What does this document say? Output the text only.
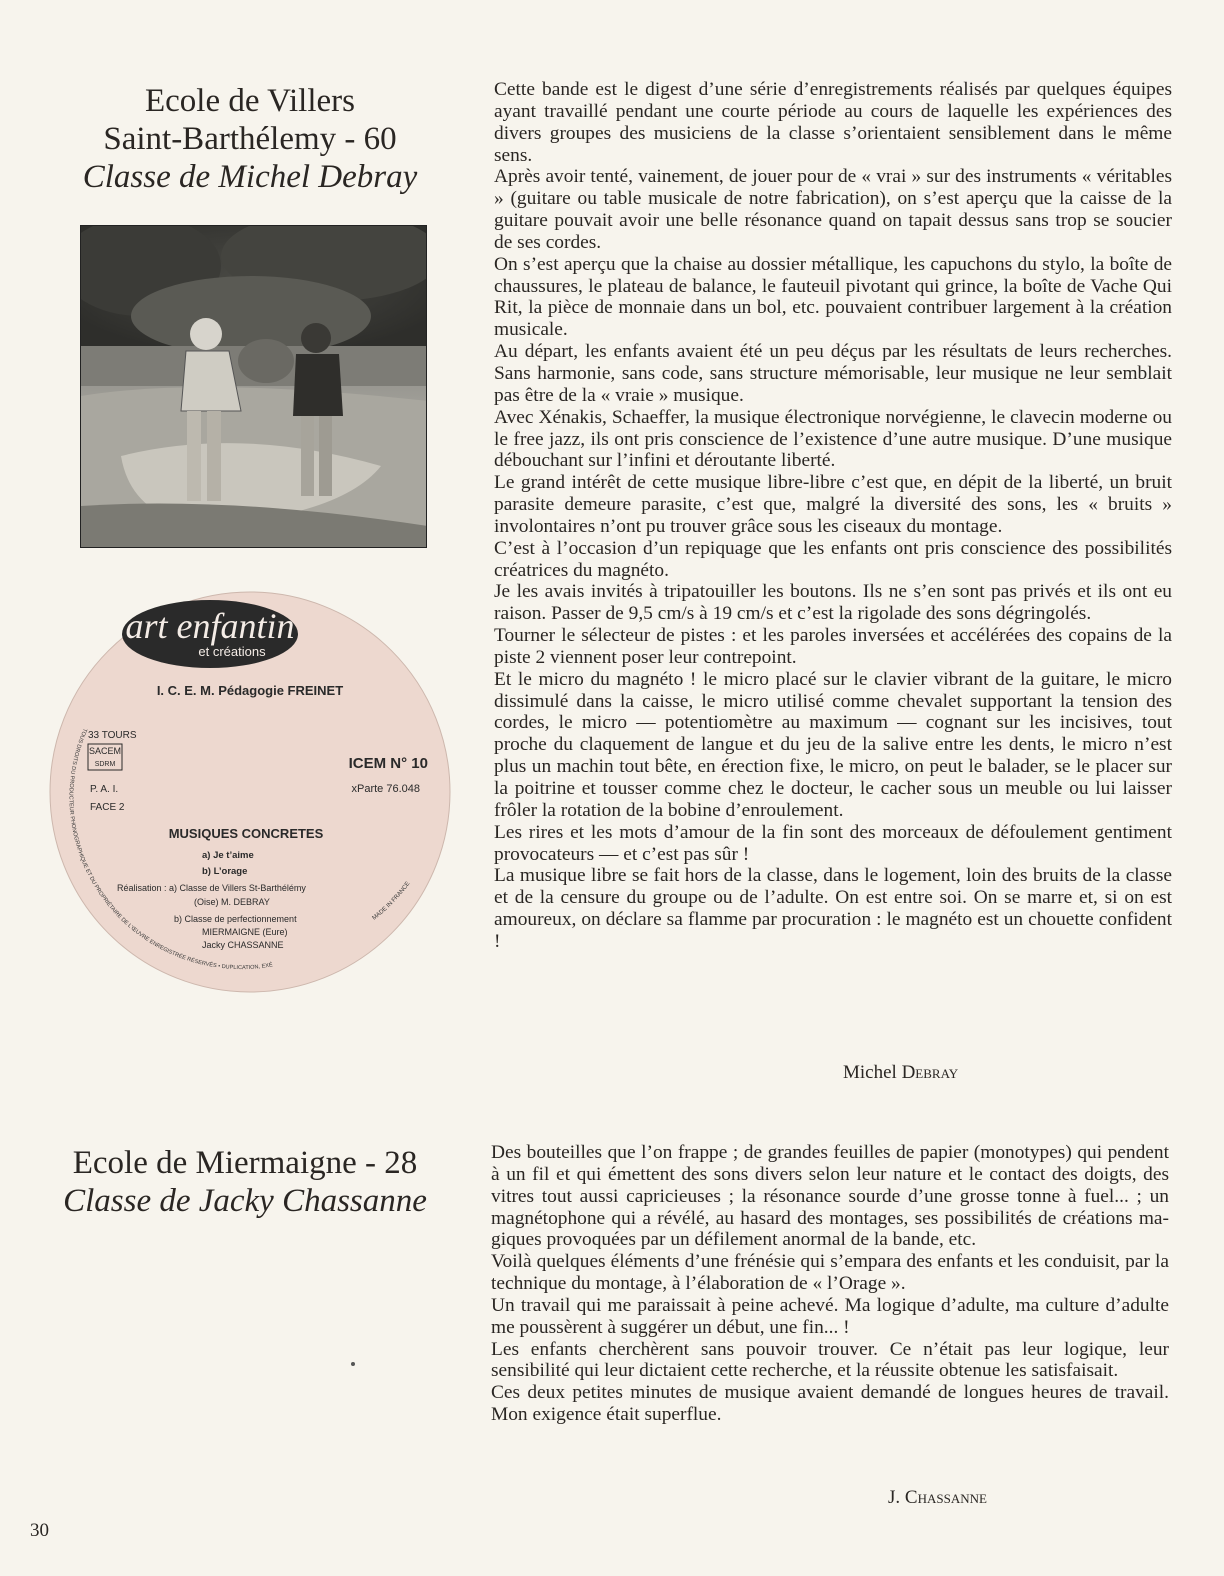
Ecole de Villers
Saint-Barthélemy - 60
Classe de Michel Debray
art enfantin
et créations
I. C. E. M. Pédagogie FREINET
33 TOURS
SACEM
SDRM
P. A. I.
FACE 2
ICEM N° 10
xParte 76.048
MUSIQUES CONCRETES
a) Je t’aime
b) L’orage
Réalisation : a) Classe de Villers St-Barthélémy
(Oise) M. DEBRAY
b) Classe de perfectionnement
MIERMAIGNE (Eure)
Jacky CHASSANNE
TOUS DROITS DU PRODUCTEUR PHONOGRAPHIQUE ET DU PROPRIÉTAIRE DE L'ŒUVRE ENREGISTRÉE RÉSERVÉS • DUPLICATION, EXÉ
MADE IN FRANCE

Cette bande est le digest d’une série d’enregistrements réalisés par quelques équipes ayant travaillé pendant une courte période au cours de laquelle les expériences des divers groupes des musiciens de la classe s’orientaient sensiblement dans le même sens.

Après avoir tenté, vainement, de jouer pour de « vrai » sur des instruments « véritables » (guitare ou table musicale de notre fabrication), on s’est aperçu que la caisse de la guitare pouvait avoir une belle résonance quand on tapait dessus sans trop se soucier de ses cordes.

On s’est aperçu que la chaise au dossier métallique, les capuchons du stylo, la boîte de chaussures, le plateau de balance, le fauteuil pivotant qui grince, la boîte de Vache Qui Rit, la pièce de monnaie dans un bol, etc. pouvaient contribuer largement à la création musicale.

Au départ, les enfants avaient été un peu déçus par les résultats de leurs recherches. Sans harmonie, sans code, sans structure mémorisable, leur musique ne leur semblait pas être de la « vraie » musique.

Avec Xénakis, Schaeffer, la musique électronique norvégienne, le clavecin moderne ou le free jazz, ils ont pris conscience de l’existence d’une autre musique. D’une musique débouchant sur l’infini et déroutante liberté.

Le grand intérêt de cette musique libre-libre c’est que, en dépit de la liberté, un bruit parasite demeure parasite, c’est que, malgré la diversité des sons, les « bruits » involontaires n’ont pu trouver grâce sous les ciseaux du montage.

C’est à l’occasion d’un repiquage que les enfants ont pris conscience des possibilités créatrices du magnéto.

Je les avais invités à tripatouiller les boutons. Ils ne s’en sont pas privés et ils ont eu raison. Passer de 9,5 cm/s à 19 cm/s et c’est la rigolade des sons dégringolés.

Tourner le sélecteur de pistes : et les paroles inversées et accélérées des copains de la piste 2 viennent poser leur contrepoint.

Et le micro du magnéto ! le micro placé sur le clavier vibrant de la guitare, le micro dissimulé dans la caisse, le micro utilisé comme chevalet supportant la tension des cordes, le micro — potentiomètre au maximum — cognant sur les incisives, tout proche du claquement de langue et du jeu de la salive entre les dents, le micro n’est plus un machin tout bête, en érection fixe, le micro, on peut le balader, se le placer sur la poitrine et tousser comme chez le docteur, le cacher sous un meuble ou lui laisser frôler la rotation de la bobine d’enroulement.

Les rires et les mots d’amour de la fin sont des morceaux de défoulement gentiment provocateurs — et c’est pas sûr !

La musique libre se fait hors de la classe, dans le logement, loin des bruits de la classe et de la censure du groupe ou de l’adulte. On est entre soi. On se marre et, si on est amoureux, on déclare sa flamme par procuration : le magnéto est un chouette confident !

Michel Debray
Ecole de Miermaigne - 28
Classe de Jacky Chassanne

Des bouteilles que l’on frappe ; de grandes feuilles de papier (monotypes) qui pendent à un fil et qui émettent des sons divers selon leur nature et le contact des doigts, des vitres tout aussi capricieuses ; la résonance sourde d’une grosse tonne à fuel... ; un magnétophone qui a révélé, au hasard des montages, ses possibilités de créations magiques provoquées par un défilement anormal de la bande, etc.

Voilà quelques éléments d’une frénésie qui s’empara des enfants et les conduisit, par la technique du montage, à l’élaboration de « l’Orage ».

Un travail qui me paraissait à peine achevé. Ma logique d’adulte, ma culture d’adulte me poussèrent à suggérer un début, une fin... !

Les enfants cherchèrent sans pouvoir trouver. Ce n’était pas leur logique, leur sensibilité qui leur dictaient cette recherche, et la réussite obtenue les satisfaisait.

Ces deux petites minutes de musique avaient demandé de longues heures de travail. Mon exigence était superflue.

J. Chassanne
30
